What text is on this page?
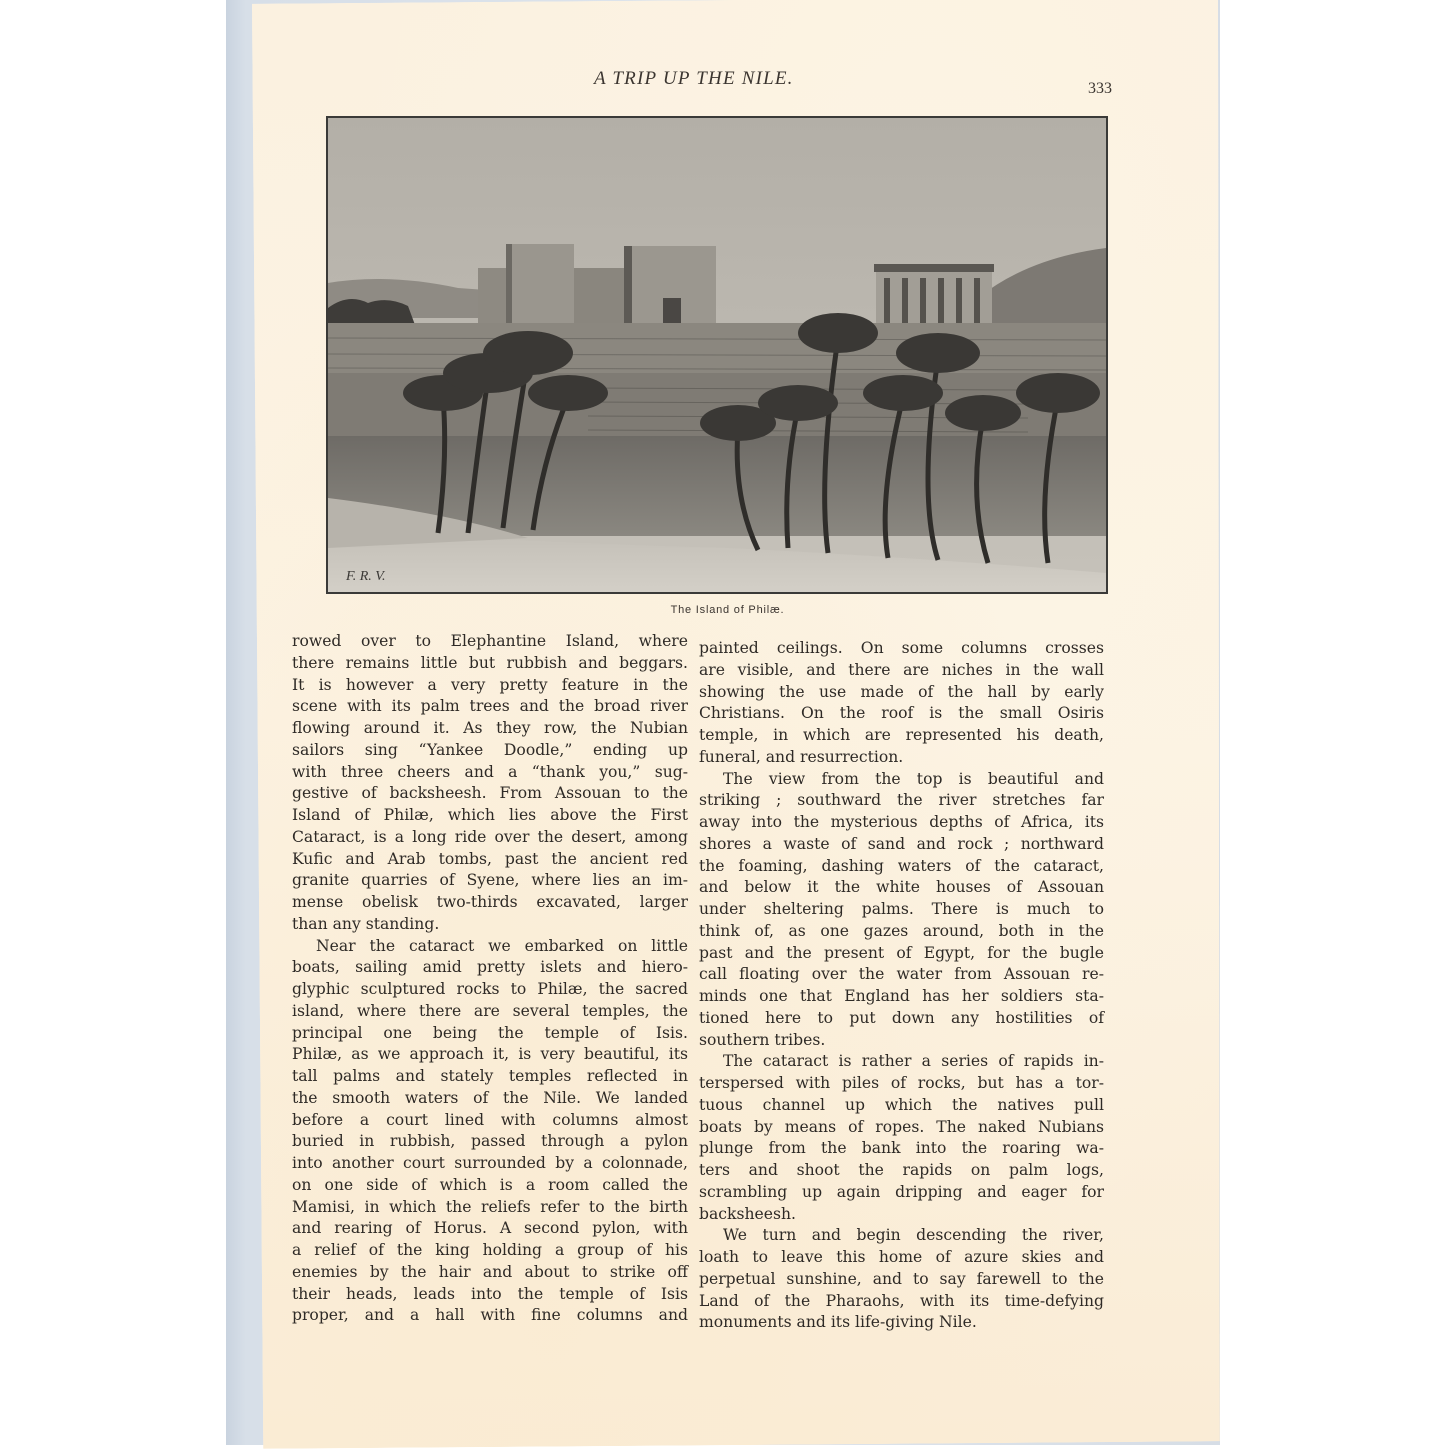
A TRIP UP THE NILE.	333
F. R. V.
The Island of Philæ.
rowed over to Elephantine Island, where
there remains little but rubbish and beggars.
It is however a very pretty feature in the
scene with its palm trees and the broad river
flowing around it. As they row, the Nubian
sailors sing “Yankee Doodle,” ending up
with three cheers and a “thank you,” sug-
gestive of backsheesh. From Assouan to the
Island of Philæ, which lies above the First
Cataract, is a long ride over the desert, among
Kufic and Arab tombs, past the ancient red
granite quarries of Syene, where lies an im-
mense obelisk two-thirds excavated, larger
than any standing.
Near the cataract we embarked on little
boats, sailing amid pretty islets and hiero-
glyphic sculptured rocks to Philæ, the sacred
island, where there are several temples, the
principal one being the temple of Isis.
Philæ, as we approach it, is very beautiful, its
tall palms and stately temples reflected in
the smooth waters of the Nile. We landed
before a court lined with columns almost
buried in rubbish, passed through a pylon
into another court surrounded by a colonnade,
on one side of which is a room called the
Mamisi, in which the reliefs refer to the birth
and rearing of Horus. A second pylon, with
a relief of the king holding a group of his
enemies by the hair and about to strike off
their heads, leads into the temple of Isis
proper, and a hall with fine columns and
painted ceilings. On some columns crosses
are visible, and there are niches in the wall
showing the use made of the hall by early
Christians. On the roof is the small Osiris
temple, in which are represented his death,
funeral, and resurrection.
The view from the top is beautiful and
striking ; southward the river stretches far
away into the mysterious depths of Africa, its
shores a waste of sand and rock ; northward
the foaming, dashing waters of the cataract,
and below it the white houses of Assouan
under sheltering palms. There is much to
think of, as one gazes around, both in the
past and the present of Egypt, for the bugle
call floating over the water from Assouan re-
minds one that England has her soldiers sta-
tioned here to put down any hostilities of
southern tribes.
The cataract is rather a series of rapids in-
terspersed with piles of rocks, but has a tor-
tuous channel up which the natives pull
boats by means of ropes. The naked Nubians
plunge from the bank into the roaring wa-
ters and shoot the rapids on palm logs,
scrambling up again dripping and eager for
backsheesh.
We turn and begin descending the river,
loath to leave this home of azure skies and
perpetual sunshine, and to say farewell to the
Land of the Pharaohs, with its time-defying
monuments and its life-giving Nile.
